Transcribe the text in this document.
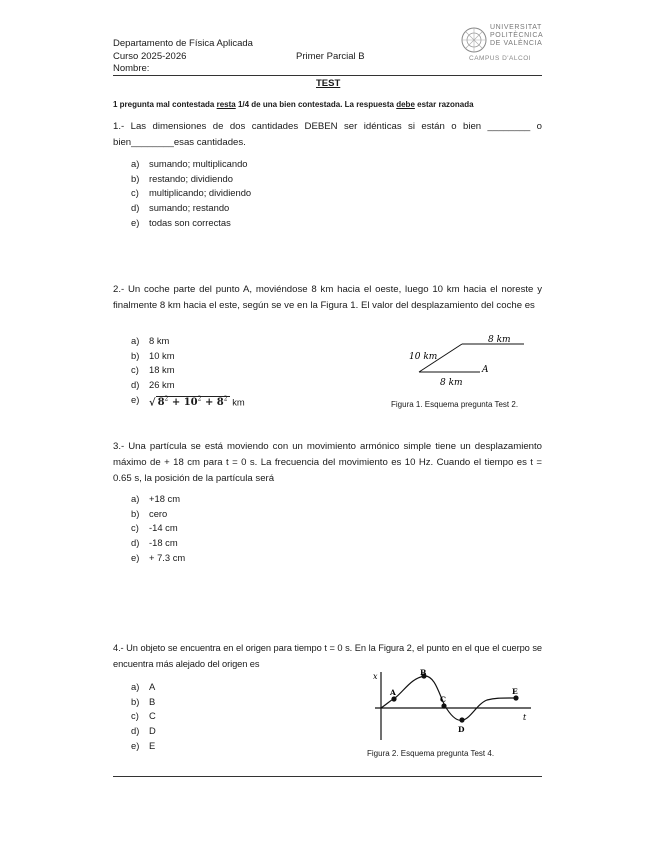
Departamento de Física Aplicada
Curso 2025-2026	Primer Parcial B
Nombre:
UNIVERSITAT
POLITÈCNICA
DE VALÈNCIA
CAMPUS D'ALCOI
TEST
1 pregunta mal contestada resta 1/4 de una bien contestada. La respuesta debe estar razonada
1.- Las dimensiones de dos cantidades DEBEN ser idénticas si están o bien ________ o bien________esas cantidades.
a) sumando; multiplicando
b) restando; dividiendo
c) multiplicando; dividiendo
d) sumando; restando
e) todas son correctas
2.- Un coche parte del punto A, moviéndose 8 km hacia el oeste, luego 10 km hacia el noreste y finalmente 8 km hacia el este, según se ve en la Figura 1. El valor del desplazamiento del coche es
a) 8 km
b) 10 km
c) 18 km
d) 26 km
e) √ $8^2 + 10^2 + 8^2$ km
8 km
10 km
8 km
A
Figura 1. Esquema pregunta Test 2.
3.- Una partícula se está moviendo con un movimiento armónico simple tiene un desplazamiento máximo de + 18 cm para t = 0 s. La frecuencia del movimiento es 10 Hz. Cuando el tiempo es t = 0.65 s, la posición de la partícula será
a) +18 cm
b) cero
c) -14 cm
d) -18 cm
e) + 7.3 cm
4.- Un objeto se encuentra en el origen para tiempo t = 0 s. En la Figura 2, el punto en el que el cuerpo se encuentra más alejado del origen es
a) A
b) B
c) C
d) D
e) E
x
t
A
B
C
D
E
Figura 2. Esquema pregunta Test 4.
